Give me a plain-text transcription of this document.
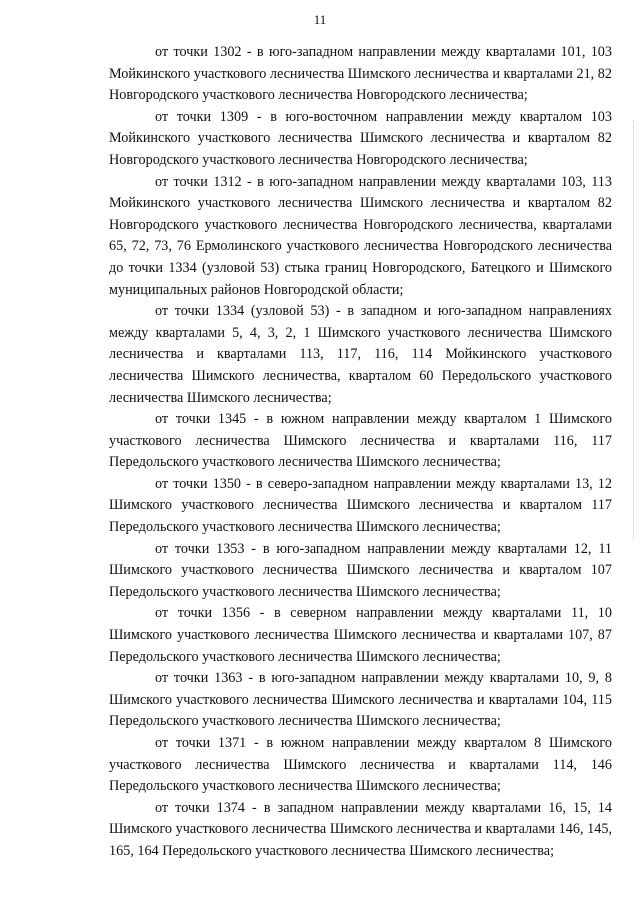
11

от точки 1302 - в юго-западном направлении между кварталами 101, 103 Мойкинского участкового лесничества Шимского лесничества и кварталами 21, 82 Новгородского участкового лесничества Новгородского лесничества;

от точки 1309 - в юго-восточном направлении между кварталом 103 Мойкинского участкового лесничества Шимского лесничества и кварталом 82 Новгородского участкового лесничества Новгородского лесничества;

от точки 1312 - в юго-западном направлении между кварталами 103, 113 Мойкинского участкового лесничества Шимского лесничества и кварталом 82 Новгородского участкового лесничества Новгородского лесничества, кварталами 65, 72, 73, 76 Ермолинского участкового лесничества Новгородского лесничества до точки 1334 (узловой 53) стыка границ Новгородского, Батецкого и Шимского муниципальных районов Новгородской области;

от точки 1334 (узловой 53) - в западном и юго-западном направлениях между кварталами 5, 4, 3, 2, 1 Шимского участкового лесничества Шимского лесничества и кварталами 113, 117, 116, 114 Мойкинского участкового лесничества Шимского лесничества, кварталом 60 Передольского участкового лесничества Шимского лесничества;

от точки 1345 - в южном направлении между кварталом 1 Шимского участкового лесничества Шимского лесничества и кварталами 116, 117 Передольского участкового лесничества Шимского лесничества;

от точки 1350 - в северо-западном направлении между кварталами 13, 12 Шимского участкового лесничества Шимского лесничества и кварталом 117 Передольского участкового лесничества Шимского лесничества;

от точки 1353 - в юго-западном направлении между кварталами 12, 11 Шимского участкового лесничества Шимского лесничества и кварталом 107 Передольского участкового лесничества Шимского лесничества;

от точки 1356 - в северном направлении между кварталами 11, 10 Шимского участкового лесничества Шимского лесничества и кварталами 107, 87 Передольского участкового лесничества Шимского лесничества;

от точки 1363 - в юго-западном направлении между кварталами 10, 9, 8 Шимского участкового лесничества Шимского лесничества и кварталами 104, 115 Передольского участкового лесничества Шимского лесничества;

от точки 1371 - в южном направлении между кварталом 8 Шимского участкового лесничества Шимского лесничества и кварталами 114, 146 Передольского участкового лесничества Шимского лесничества;

от точки 1374 - в западном направлении между кварталами 16, 15, 14 Шимского участкового лесничества Шимского лесничества и кварталами 146, 145, 165, 164 Передольского участкового лесничества Шимского лесничества;
